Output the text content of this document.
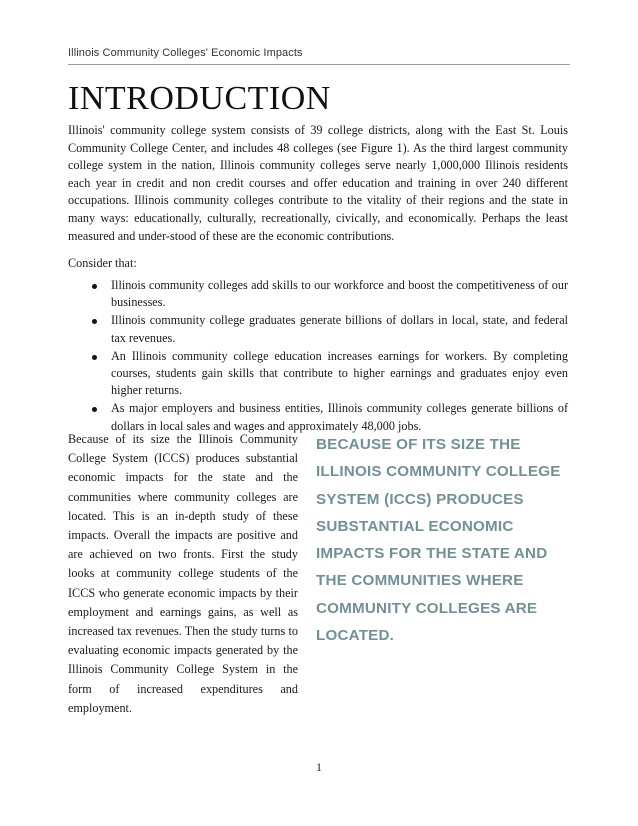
Illinois Community Colleges' Economic Impacts
INTRODUCTION

Illinois' community college system consists of 39 college districts, along with the East St. Louis Community College Center, and includes 48 colleges (see Figure 1). As the third largest community college system in the nation, Illinois community colleges serve nearly 1,000,000 Illinois residents each year in credit and non credit courses and offer education and training in over 240 different occupations. Illinois community colleges contribute to the vitality of their regions and the state in many ways: educationally, culturally, recreationally, civically, and economically. Perhaps the least measured and under-stood of these are the economic contributions.

Consider that:

Illinois community colleges add skills to our workforce and boost the competitiveness of our businesses.
Illinois community college graduates generate billions of dollars in local, state, and federal tax revenues.
An Illinois community college education increases earnings for workers. By completing courses, students gain skills that contribute to higher earnings and graduates enjoy even higher returns.
As major employers and business entities, Illinois community colleges generate billions of dollars in local sales and wages and approximately 48,000 jobs.

Because of its size the Illinois Community College System (ICCS) produces substantial economic impacts for the state and the communities where community colleges are located. This is an in-depth study of these impacts. Overall the impacts are positive and are achieved on two fronts. First the study looks at community college students of the ICCS who generate economic impacts by their employment and earnings gains, as well as increased tax revenues. Then the study turns to evaluating economic impacts generated by the Illinois Community College System in the form of increased expenditures and employment.

BECAUSE OF ITS SIZE THE ILLINOIS COMMUNITY COLLEGE SYSTEM (ICCS) PRODUCES SUBSTANTIAL ECONOMIC IMPACTS FOR THE STATE AND THE COMMUNITIES WHERE COMMUNITY COLLEGES ARE LOCATED.

1
